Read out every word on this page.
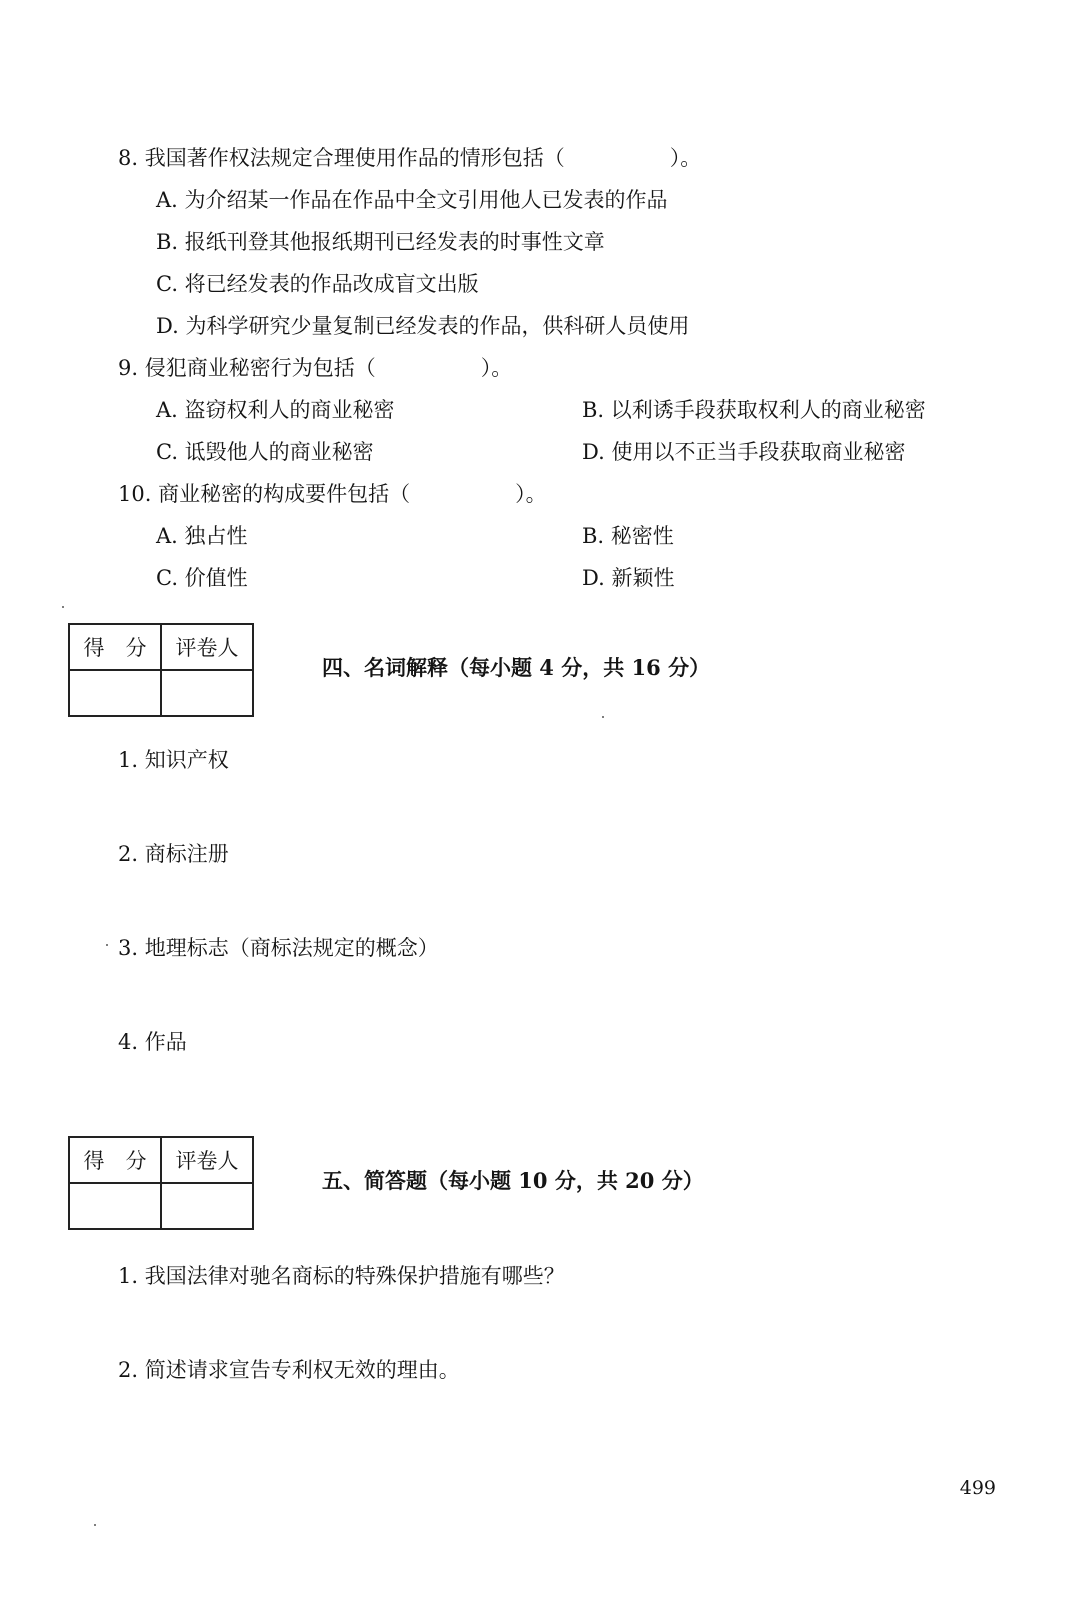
8. 我国著作权法规定合理使用作品的情形包括（　　　　　）。
A. 为介绍某一作品在作品中全文引用他人已发表的作品
B. 报纸刊登其他报纸期刊已经发表的时事性文章
C. 将已经发表的作品改成盲文出版
D. 为科学研究少量复制已经发表的作品，供科研人员使用
9. 侵犯商业秘密行为包括（　　　　　）。
A. 盗窃权利人的商业秘密	B. 以利诱手段获取权利人的商业秘密
C. 诋毁他人的商业秘密	D. 使用以不正当手段获取商业秘密
10. 商业秘密的构成要件包括（　　　　　）。
A. 独占性	B. 秘密性
C. 价值性	D. 新颖性
得　分	评卷人

四、名词解释（每小题 4 分，共 16 分）
1. 知识产权
2. 商标注册
3. 地理标志（商标法规定的概念）
4. 作品
得　分	评卷人

五、简答题（每小题 10 分，共 20 分）
1. 我国法律对驰名商标的特殊保护措施有哪些？
2. 简述请求宣告专利权无效的理由。
499
